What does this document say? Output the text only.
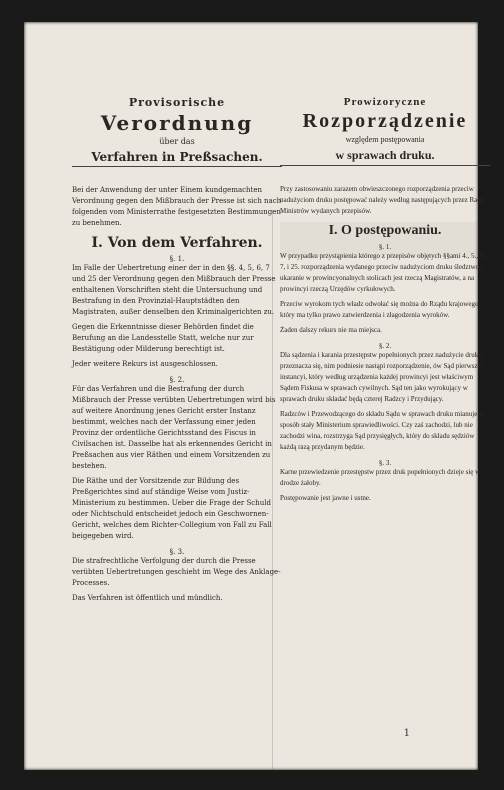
Provisorische
Verordnung
über das
Verfahren in Preßsachen.

Bei der Anwendung der unter Einem kundgemachten Verordnung gegen den Mißbrauch der Presse ist sich nach folgenden vom Ministerrathe festgesetzten Bestimmungen zu benehmen.

I. Von dem Verfahren.
§. 1.

Im Falle der Uebertretung einer der in den §§. 4, 5, 6, 7 und 25 der Verordnung gegen den Mißbrauch der Presse enthaltenen Vorschriften steht die Untersuchung und Bestrafung in den Provinzial-Hauptstädten den Magistraten, außer denselben den Kriminalgerichten zu.

Gegen die Erkenntnisse dieser Behörden findet die Berufung an die Landesstelle Statt, welche nur zur Bestätigung oder Milderung berechtigt ist.

Jeder weitere Rekurs ist ausgeschlossen.

§. 2.

Für das Verfahren und die Bestrafung der durch Mißbrauch der Presse verübten Uebertretungen wird bis auf weitere Anordnung jenes Gericht erster Instanz bestimmt, welches nach der Verfassung einer jeden Provinz der ordentliche Gerichtsstand des Fiscus in Civilsachen ist. Dasselbe hat als erkennendes Gericht in Preßsachen aus vier Räthen und einem Vorsitzenden zu bestehen.

Die Räthe und der Vorsitzende zur Bildung des Preßgerichtes sind auf ständige Weise vom Justiz-Ministerium zu bestimmen. Ueber die Frage der Schuld oder Nichtschuld entscheidet jedoch ein Geschwornen-Gericht, welches dem Richter-Collegium von Fall zu Fall beigegeben wird.

§. 3.

Die strafrechtliche Verfolgung der durch die Presse verübten Uebertretungen geschieht im Wege des Anklage-Processes.

Das Verfahren ist öffentlich und mündlich.

Prowizoryczne
Rozporządzenie
względem postępowania
w sprawach druku.

Przy zastosowaniu zarazem obwieszczonego rozporządzenia przeciw nadużyciom druku postępować należy według następujących przez Radę Ministrów wydanych przepisów.

I. O postępowaniu.
§. 1.

W przypadku przystąpienia którego z przepisów objętych §§ami 4., 5., 6., 7, i 25. rozporządzenia wydanego przeciw nadużyciom druku śledztwo i ukaranie w prowincyonalnych stolicach jest rzeczą Magistratów, a na prowincyi rzeczą Urzędów cyrkułowych.

Przeciw wyrokom tych władz odwołać się można do Rządu krajowego, który ma tylko prawo zatwierdzenia i złagodzenia wyroków.

Żaden dalszy rekurs nie ma miejsca.

§. 2.

Dla sądzenia i karania przestępstw popełnionych przez nadużycie druku przeznacza się, nim podniesie nastąpi rozporządzenie, ów Sąd pierwszej instancyi, który według urządzenia każdej prowincyi jest właściwym Sądem Fiskusa w sprawach cywilnych. Sąd ten jako wyrokujący w sprawach druku składać będą czterej Radzcy i Przydujący.

Radzców i Przewodzącego do składu Sądu w sprawach druku mianuje w sposób stały Ministerium sprawiedliwości. Czy zaś zachodzi, lub nie zachodzi wina, rozstrzyga Sąd przysięgłych, który do składu sędziów każdą razą przydanym będzie.

§. 3.

Karne przewiedzenie przestępstw przez druk popełnionych dzieje się w drodze żałoby.

Postępowanie jest jawne i ustne.

1
